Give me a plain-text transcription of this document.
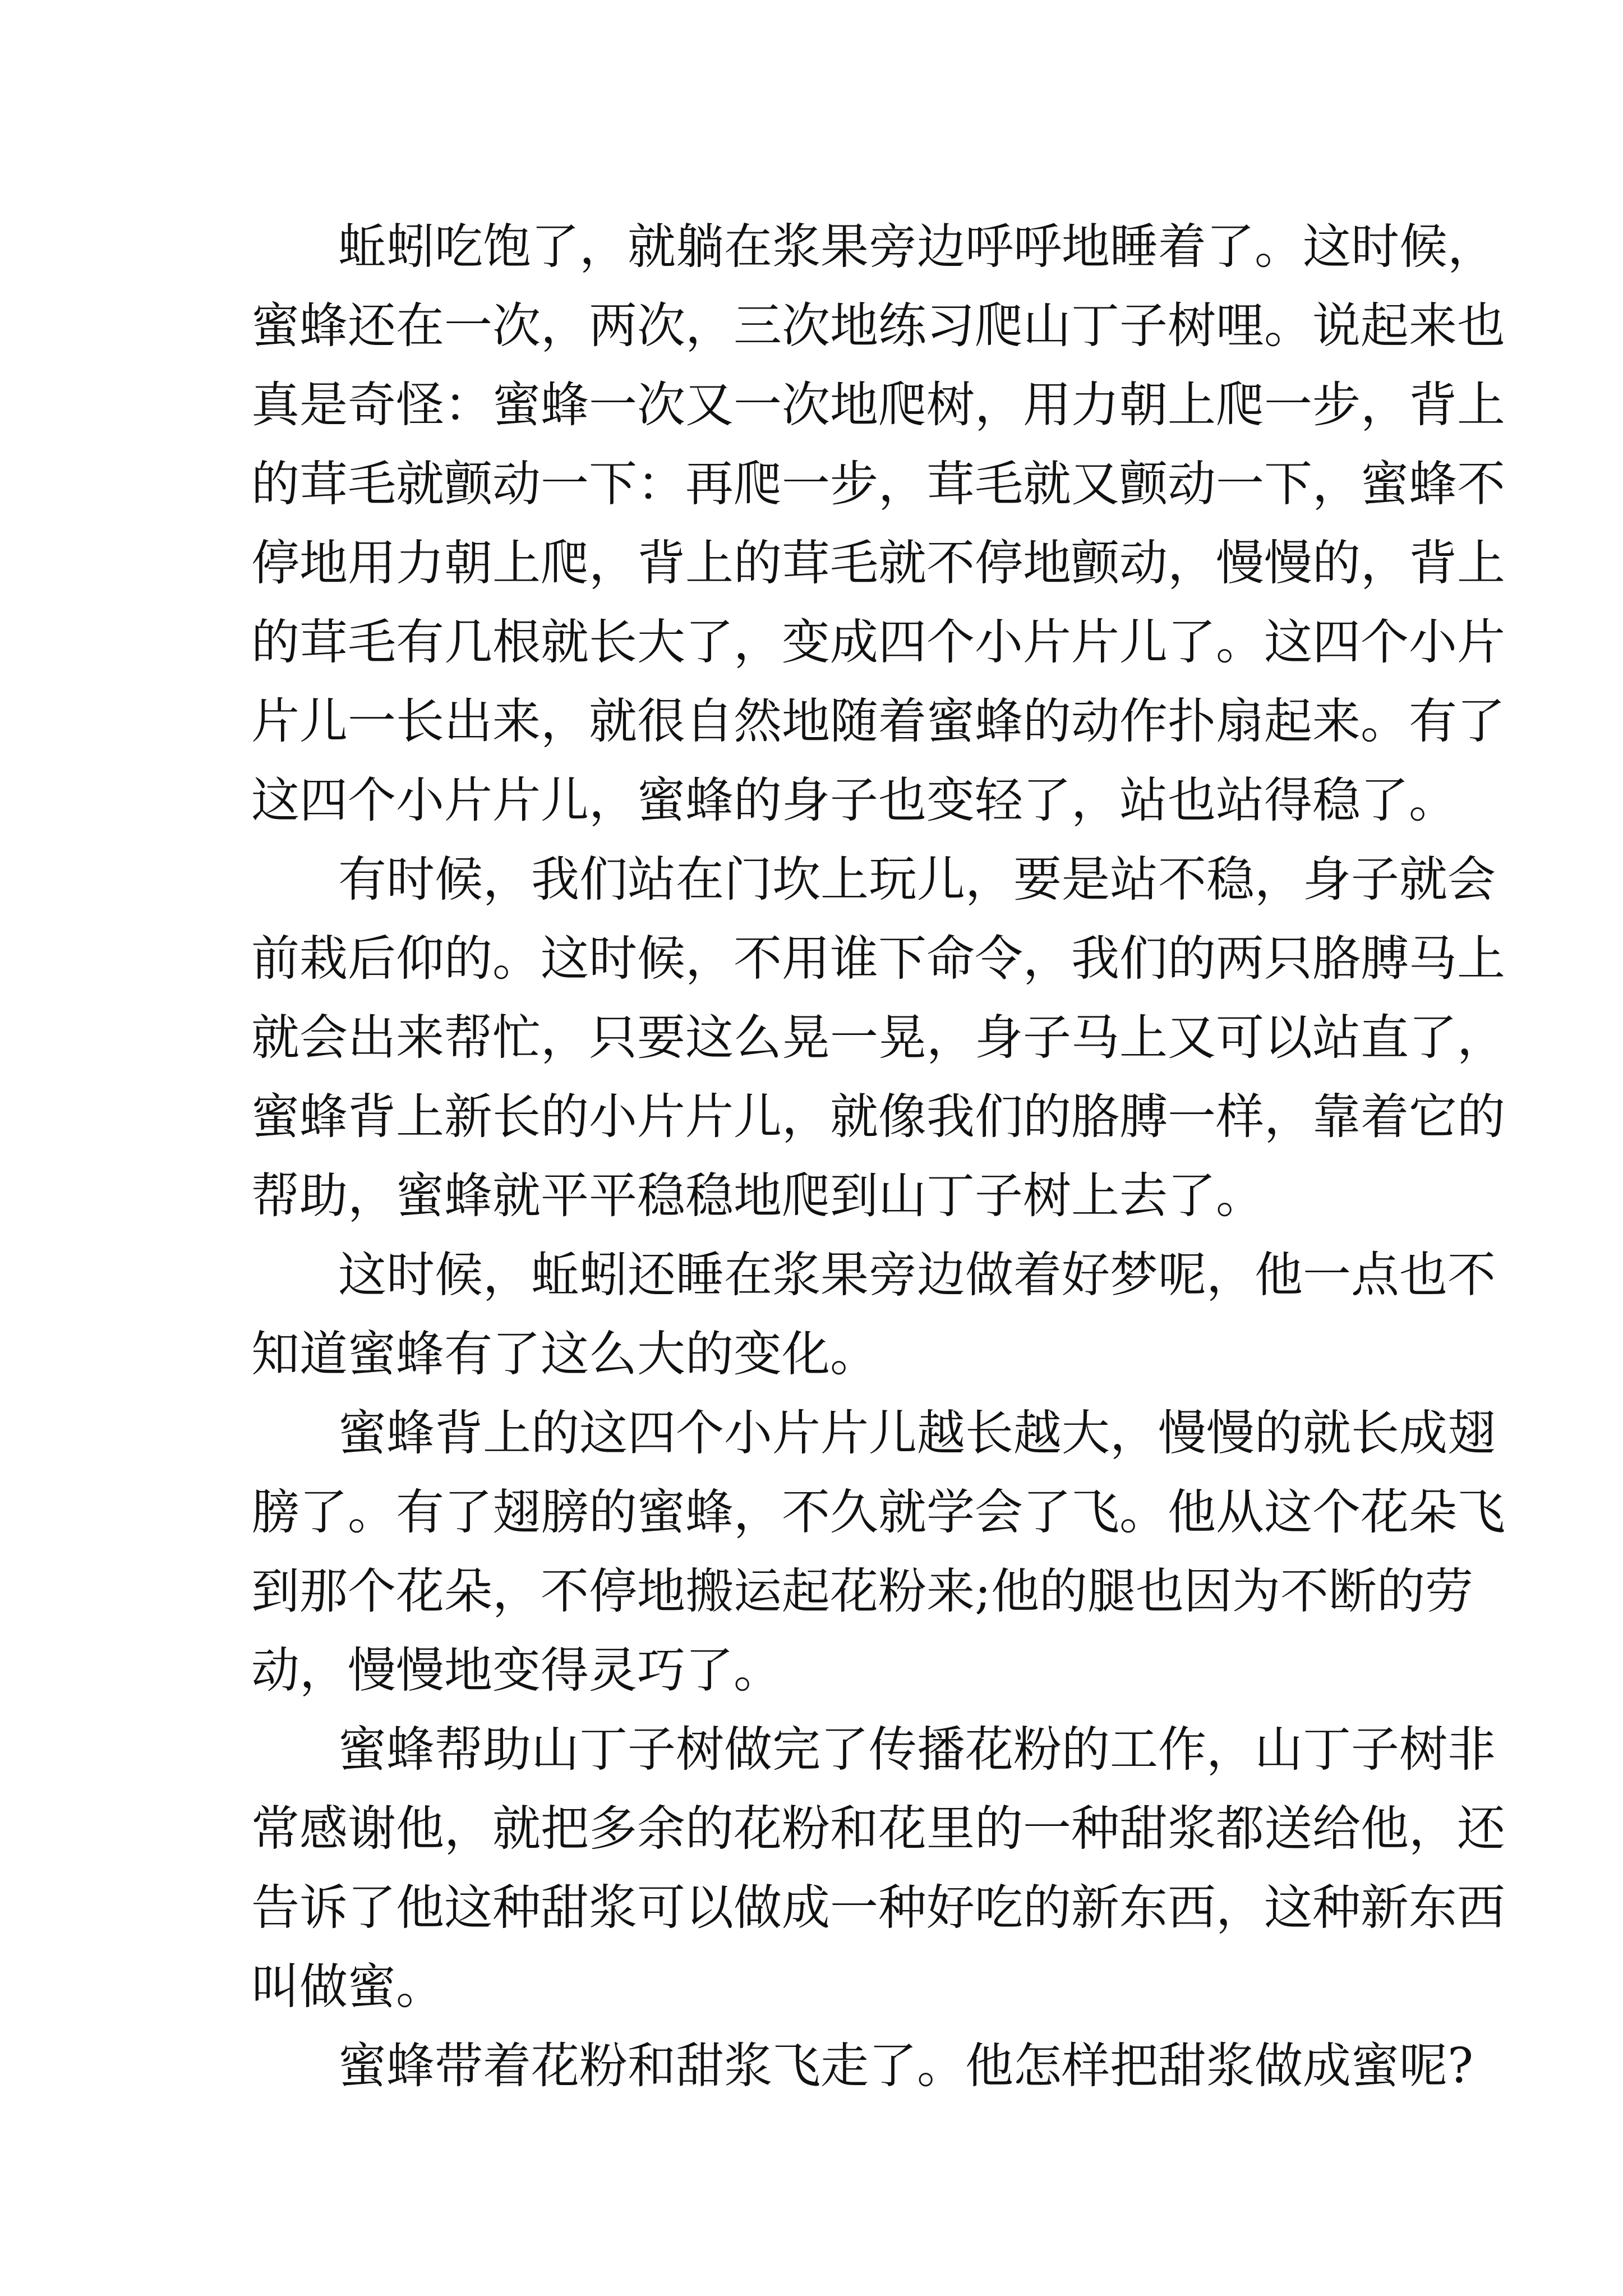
蚯蚓吃饱了，就躺在浆果旁边呼呼地睡着了。这时候，
蜜蜂还在一次，两次，三次地练习爬山丁子树哩。说起来也
真是奇怪：蜜蜂一次又一次地爬树，用力朝上爬一步，背上
的茸毛就颤动一下：再爬一步，茸毛就又颤动一下，蜜蜂不
停地用力朝上爬，背上的茸毛就不停地颤动，慢慢的，背上
的茸毛有几根就长大了，变成四个小片片儿了。这四个小片
片儿一长出来，就很自然地随着蜜蜂的动作扑扇起来。有了
这四个小片片儿，蜜蜂的身子也变轻了，站也站得稳了。
有时候，我们站在门坎上玩儿，要是站不稳，身子就会
前栽后仰的。这时候，不用谁下命令，我们的两只胳膊马上
就会出来帮忙，只要这么晃一晃，身子马上又可以站直了，
蜜蜂背上新长的小片片儿，就像我们的胳膊一样，靠着它的
帮助，蜜蜂就平平稳稳地爬到山丁子树上去了。
这时候，蚯蚓还睡在浆果旁边做着好梦呢，他一点也不
知道蜜蜂有了这么大的变化。
蜜蜂背上的这四个小片片儿越长越大，慢慢的就长成翅
膀了。有了翅膀的蜜蜂，不久就学会了飞。他从这个花朵飞
到那个花朵，不停地搬运起花粉来;他的腿也因为不断的劳
动，慢慢地变得灵巧了。
蜜蜂帮助山丁子树做完了传播花粉的工作，山丁子树非
常感谢他，就把多余的花粉和花里的一种甜浆都送给他，还
告诉了他这种甜浆可以做成一种好吃的新东西，这种新东西
叫做蜜。
蜜蜂带着花粉和甜浆飞走了。他怎样把甜浆做成蜜呢?
